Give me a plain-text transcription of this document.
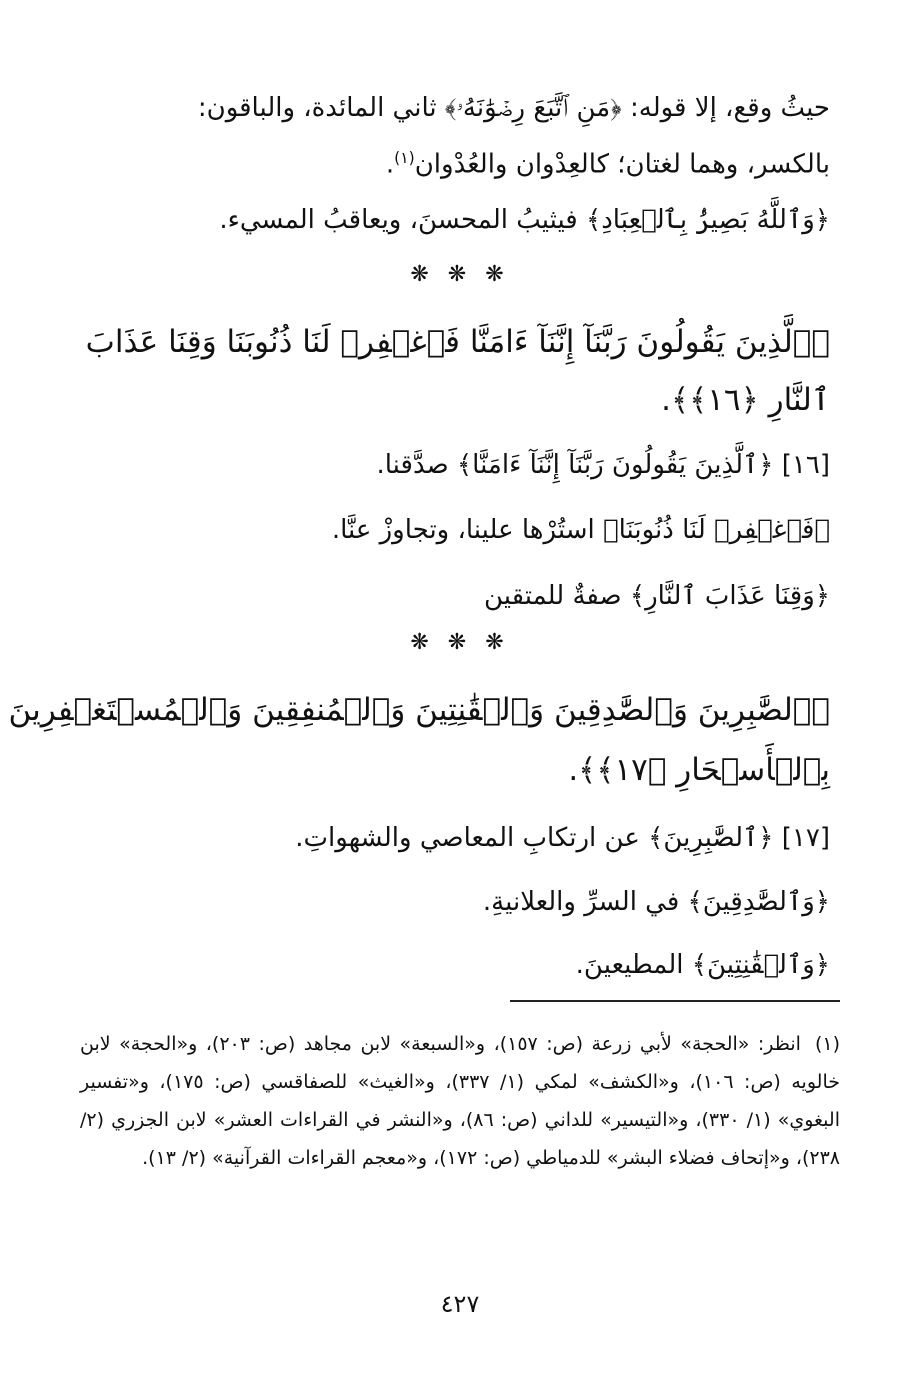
حيثُ وقع، إلا قوله: ﴿مَنِ ٱتَّبَعَ رِضۡوَٰنَهُۥ﴾ ثاني المائدة، والباقون:
بالكسر، وهما لغتان؛ كالعِدْوان والعُدْوان$^{(١)}$.
﴿وَٱللَّهُ بَصِيرُۢ بِٱلۡعِبَادِ﴾ فيثيبُ المحسنَ، ويعاقبُ المسيء.
❋ ❋ ❋
﴿ٱلَّذِينَ يَقُولُونَ رَبَّنَآ إِنَّنَآ ءَامَنَّا فَٱغۡفِرۡ لَنَا ذُنُوبَنَا وَقِنَا عَذَابَ
ٱلنَّارِ ﴿١٦﴾﴾.
[١٦] ﴿ٱلَّذِينَ يَقُولُونَ رَبَّنَآ إِنَّنَآ ءَامَنَّا﴾ صدَّقنا.
﴿فَٱغۡفِرۡ لَنَا ذُنُوبَنَا﴾ استُرْها علينا، وتجاوزْ عنَّا.
﴿وَقِنَا عَذَابَ ٱلنَّارِ﴾ صفةٌ للمتقين
❋ ❋ ❋
﴿ٱلصَّٰبِرِينَ وَٱلصَّٰدِقِينَ وَٱلۡقَٰنِتِينَ وَٱلۡمُنفِقِينَ وَٱلۡمُسۡتَغۡفِرِينَ
بِٱلۡأَسۡحَارِ ﴿١٧﴾﴾.
[١٧] ﴿ٱلصَّٰبِرِينَ﴾ عن ارتكابِ المعاصي والشهواتِ.
﴿وَٱلصَّٰدِقِينَ﴾ في السرِّ والعلانيةِ.
﴿وَٱلۡقَٰنِتِينَ﴾ المطيعينَ.
(١)انظر: «الحجة» لأبي زرعة (ص: ١٥٧)، و«السبعة» لابن مجاهد (ص: ٢٠٣)، و«الحجة» لابن خالويه (ص: ١٠٦)، و«الكشف» لمكي (١/ ٣٣٧)، و«الغيث» للصفاقسي (ص: ١٧٥)، و«تفسير البغوي» (١/ ٣٣٠)، و«التيسير» للداني (ص: ٨٦)، و«النشر في القراءات العشر» لابن الجزري (٢/ ٢٣٨)، و«إتحاف فضلاء البشر» للدمياطي (ص: ١٧٢)، و«معجم القراءات القرآنية» (٢/ ١٣).
٤٢٧
